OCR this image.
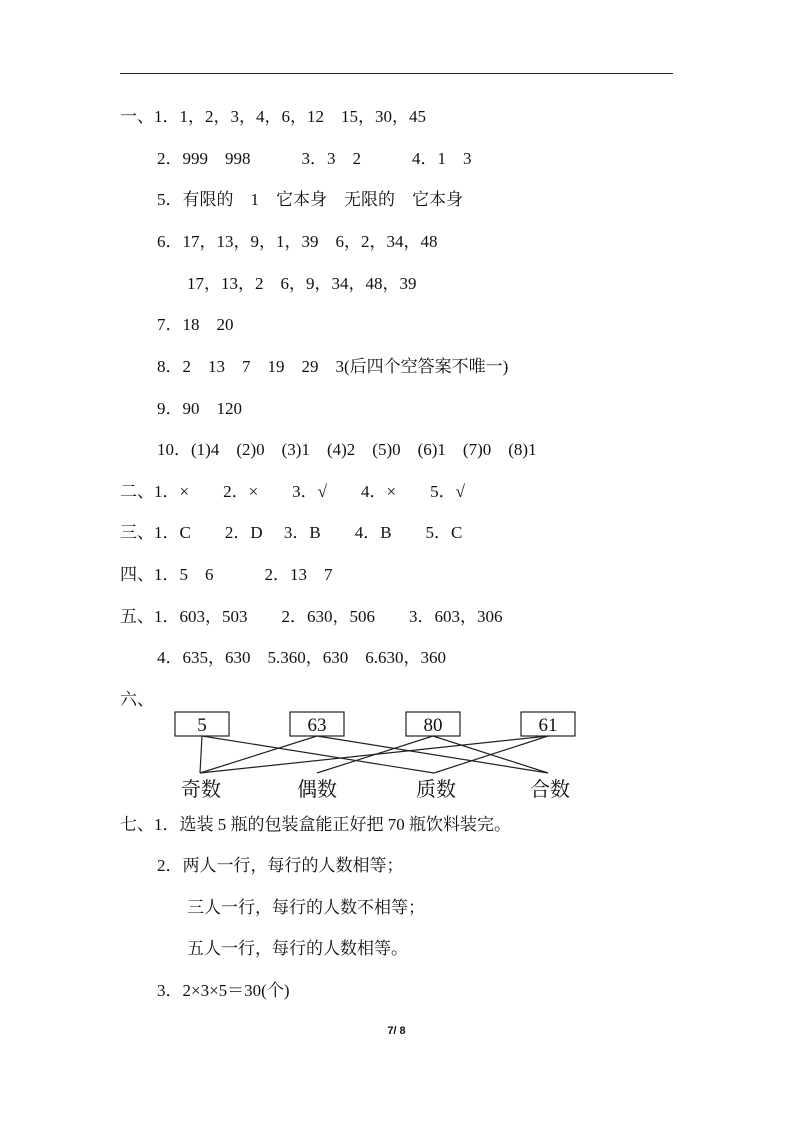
一、1．1，2，3，4，6，12　15，30，45
2．999　998　　　3．3　2　　　4．1　3
5．有限的　1　它本身　无限的　它本身
6．17，13，9，1，39　6，2，34，48
17，13，2　6，9，34，48，39
7．18　20
8．2　13　7　19　29　3(后四个空答案不唯一)
9．90　120
10．(1)4　(2)0　(3)1　(4)2　(5)0　(6)1　(7)0　(8)1
二、1．×　　2．×　　3．√　　4．×　　5．√
三、1．C　　2．D　 3．B　　4．B　　5．C
四、1．5　6　　　2．13　7
五、1．603，503　　2．630，506　　3．603，306
4．635，630　5.360，630　6.630，360
六、
5	63	80	61
奇数	偶数	质数	合数
七、1．选装 5 瓶的包装盒能正好把 70 瓶饮料装完。
2．两人一行，每行的人数相等；
三人一行，每行的人数不相等；
五人一行，每行的人数相等。
3．2×3×5＝30(个)
7/ 8
